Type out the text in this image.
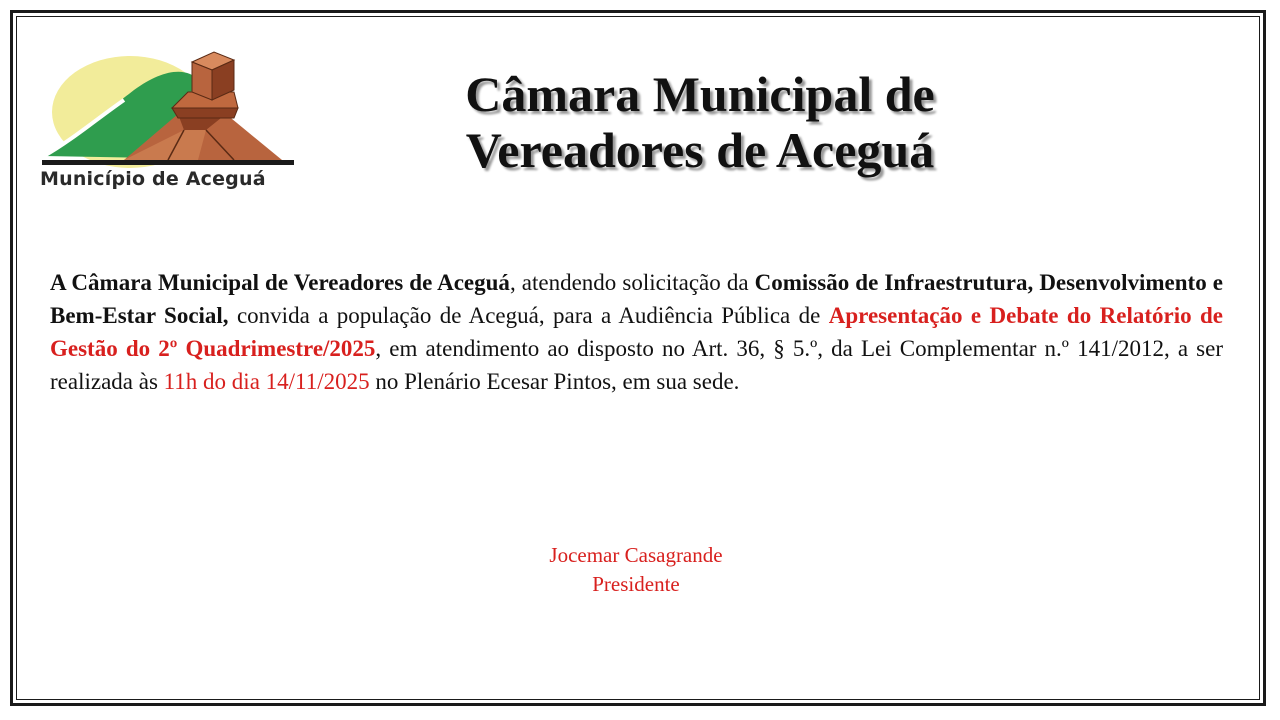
Município de Aceguá
Câmara Municipal de
Vereadores de Aceguá
A Câmara Municipal de Vereadores de Aceguá, atendendo solicitação da Comissão de Infraestrutura, Desenvolvimento e Bem-Estar Social, convida a população de Aceguá, para a Audiência Pública de Apresentação e Debate do Relatório de Gestão do 2º Quadrimestre/2025, em atendimento ao disposto no Art. 36, § 5.º, da Lei Complementar n.º 141/2012, a ser realizada às 11h do dia 14/11/2025 no Plenário Ecesar Pintos, em sua sede.
Jocemar Casagrande
Presidente
